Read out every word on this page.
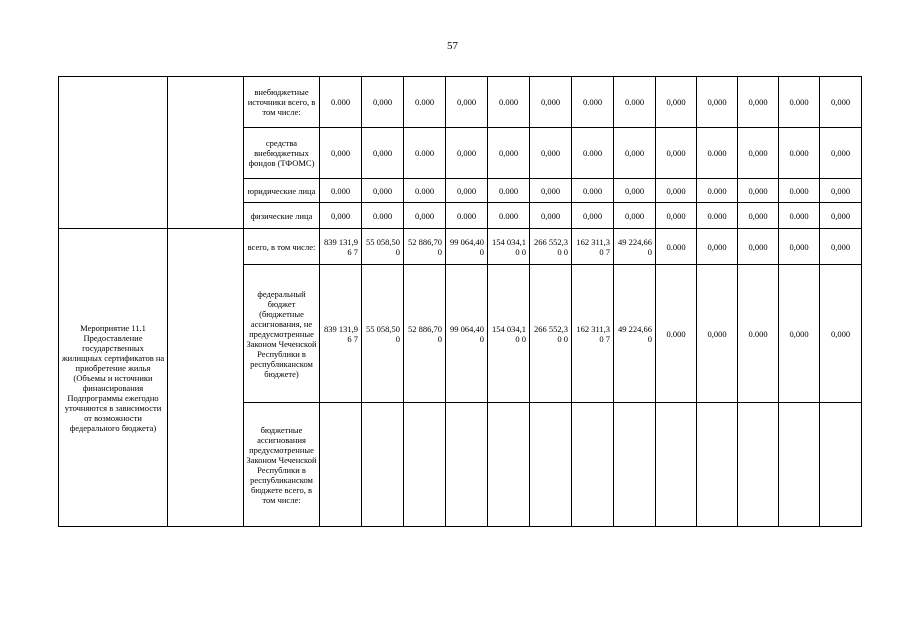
57
		внебюджетные источники всего, в том числе:	0.000	0,000	0.000	0,000	0.000	0,000	0.000	0.000	0,000	0,000	0,000	0.000	0,000
		средства внебюджетных фондов (ТФОМС)	0,000	0,000	0.000	0,000	0,000	0,000	0.000	0,000	0,000	0.000	0,000	0.000	0,000
		юридические лица	0.000	0,000	0.000	0,000	0.000	0,000	0.000	0,000	0,000	0.000	0,000	0.000	0,000
		физические лица	0,000	0.000	0,000	0.000	0.000	0,000	0,000	0,000	0,000	0.000	0,000	0.000	0,000
Мероприятие 11.1 Предоставление государственных жилищных сертификатов на приобретение жилья (Объемы и источники финансирования Подпрограммы ежегодно уточняются в зависимости от возможности федерального бюджета)		всего, в том числе:	839 131,96 7	55 058,50 0	52 886,70 0	99 064,40 0	154 034,10 0	266 552,30 0	162 311,30 7	49 224,66 0	0.000	0,000	0,000	0,000	0,000
		федеральный бюджет (бюджетные ассигнования, не предусмотренные Законом Чеченской Республики в республиканском бюджете)	839 131,96 7	55 058,50 0	52 886,70 0	99 064,40 0	154 034,10 0	266 552,30 0	162 311,30 7	49 224,66 0	0.000	0,000	0.000	0,000	0,000
		бюджетные ассигнования предусмотренные Законом Чеченской Республики в республиканском бюджете всего, в том числе:													
